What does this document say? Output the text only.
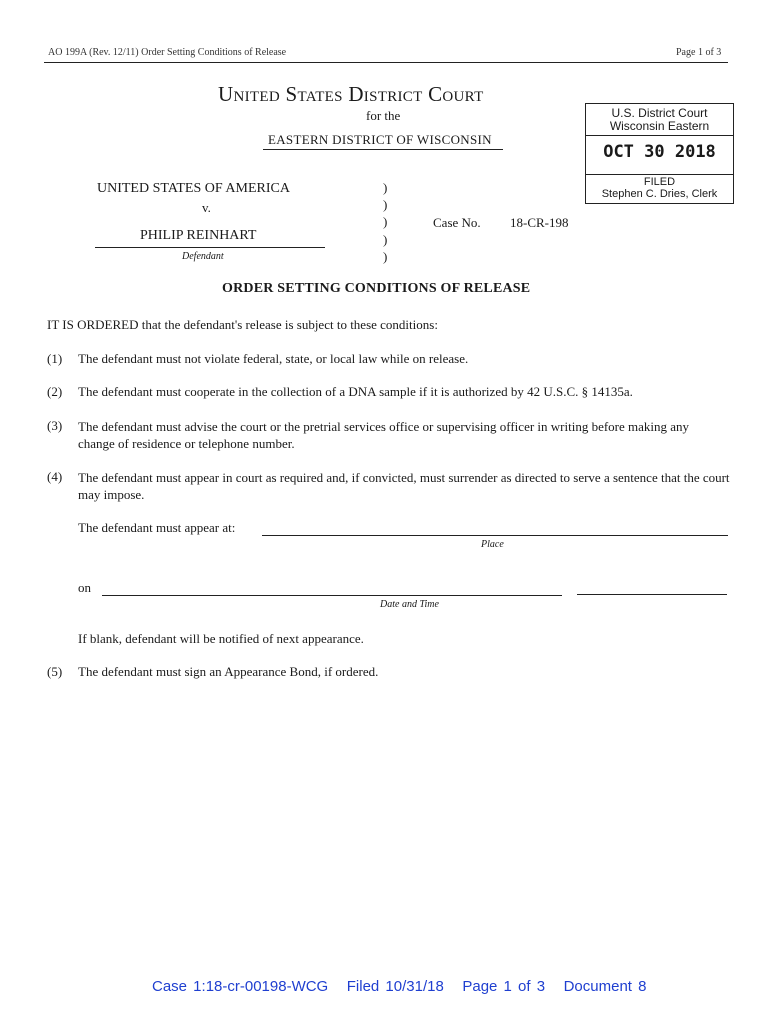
AO 199A (Rev. 12/11) Order Setting Conditions of Release	Page 1 of 3
United States District Court
for the
EASTERN DISTRICT OF WISCONSIN
U.S. District Court
Wisconsin Eastern
OCT 30 2018
FILED
Stephen C. Dries, Clerk
UNITED STATES OF AMERICA
v.
PHILIP REINHART
Defendant
)
)
)
)
)
Case No. 18-CR-198
ORDER SETTING CONDITIONS OF RELEASE
IT IS ORDERED that the defendant's release is subject to these conditions:
(1) The defendant must not violate federal, state, or local law while on release.
(2) The defendant must cooperate in the collection of a DNA sample if it is authorized by 42 U.S.C. § 14135a.
(3) The defendant must advise the court or the pretrial services office or supervising officer in writing before making any change of residence or telephone number.
(4) The defendant must appear in court as required and, if convicted, must surrender as directed to serve a sentence that the court may impose.
The defendant must appear at:
Place
on
Date and Time
If blank, defendant will be notified of next appearance.
(5) The defendant must sign an Appearance Bond, if ordered.
Case 1:18-cr-00198-WCG Filed 10/31/18 Page 1 of 3 Document 8
